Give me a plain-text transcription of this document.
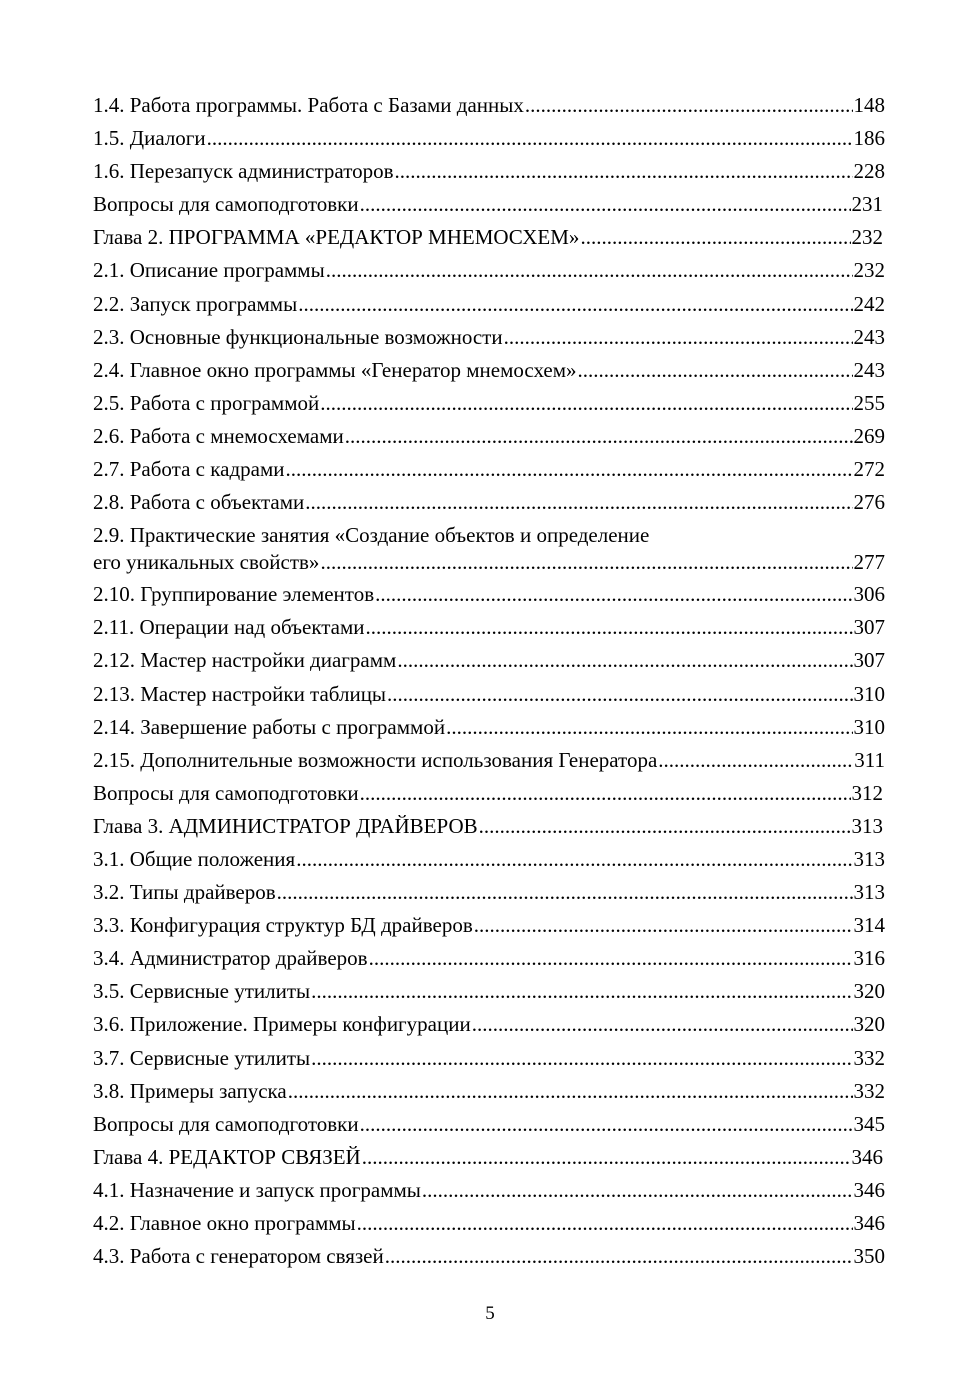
1.4. Работа программы. Работа с Базами данных .....	148
1.5. Диалоги .....	186
1.6. Перезапуск администраторов .....	228
Вопросы для самоподготовки .....	231
Глава 2. ПРОГРАММА «РЕДАКТОР МНЕМОСХЕМ» .....	232
2.1. Описание программы .....	232
2.2. Запуск программы .....	242
2.3. Основные функциональные возможности .....	243
2.4. Главное окно программы «Генератор мнемосхем» .....	243
2.5. Работа с программой .....	255
2.6. Работа с мнемосхемами .....	269
2.7. Работа с кадрами .....	272
2.8. Работа с объектами .....	276
2.9. Практические занятия «Создание объектов и определение
его уникальных свойств» .....	277
2.10. Группирование элементов .....	306
2.11. Операции над объектами .....	307
2.12. Мастер настройки диаграмм .....	307
2.13. Мастер настройки таблицы .....	310
2.14. Завершение работы с программой .....	310
2.15. Дополнительные возможности использования Генератора .....	311
Вопросы для самоподготовки .....	312
Глава 3. АДМИНИСТРАТОР ДРАЙВЕРОВ .....	313
3.1. Общие положения .....	313
3.2. Типы драйверов .....	313
3.3. Конфигурация структур БД драйверов .....	314
3.4. Администратор драйверов .....	316
3.5. Сервисные утилиты .....	320
3.6. Приложение. Примеры конфигурации .....	320
3.7. Сервисные утилиты .....	332
3.8. Примеры запуска .....	332
Вопросы для самоподготовки .....	345
Глава 4. РЕДАКТОР СВЯЗЕЙ .....	346
4.1. Назначение и запуск программы .....	346
4.2. Главное окно программы .....	346
4.3. Работа с генератором связей .....	350
5
